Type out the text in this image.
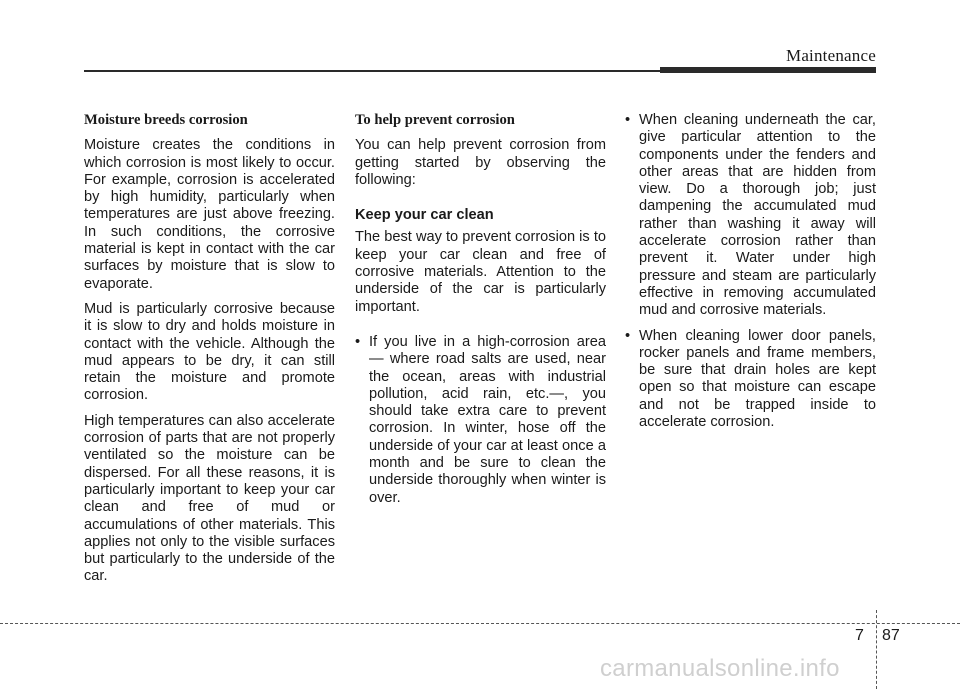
Maintenance
Moisture breeds corrosion

Moisture creates the conditions in which corrosion is most likely to occur. For example, corrosion is accelerated by high humidity, particularly when temperatures are just above freezing. In such conditions, the corrosive material is kept in contact with the car surfaces by moisture that is slow to evaporate.

Mud is particularly corrosive because it is slow to dry and holds moisture in contact with the vehicle. Although the mud appears to be dry, it can still retain the moisture and promote corrosion.

High temperatures can also accelerate corrosion of parts that are not properly ventilated so the moisture can be dispersed. For all these reasons, it is particularly important to keep your car clean and free of mud or accumulations of other materials. This applies not only to the visible surfaces but particularly to the underside of the car.

To help prevent corrosion

You can help prevent corrosion from getting started by observing the following:

Keep your car clean

The best way to prevent corrosion is to keep your car clean and free of corrosive materials. Attention to the underside of the car is particularly important.

• If you live in a high-corrosion area — where road salts are used, near the ocean, areas with industrial pollution, acid rain, etc.—, you should take extra care to prevent corrosion. In winter, hose off the underside of your car at least once a month and be sure to clean the underside thoroughly when winter is over.
• When cleaning underneath the car, give particular attention to the components under the fenders and other areas that are hidden from view. Do a thorough job; just dampening the accumulated mud rather than washing it away will accelerate corrosion rather than prevent it. Water under high pressure and steam are particularly effective in removing accumulated mud and corrosive materials.
• When cleaning lower door panels, rocker panels and frame members, be sure that drain holes are kept open so that moisture can escape and not be trapped inside to accelerate corrosion.
7 87
carmanualsonline.info
